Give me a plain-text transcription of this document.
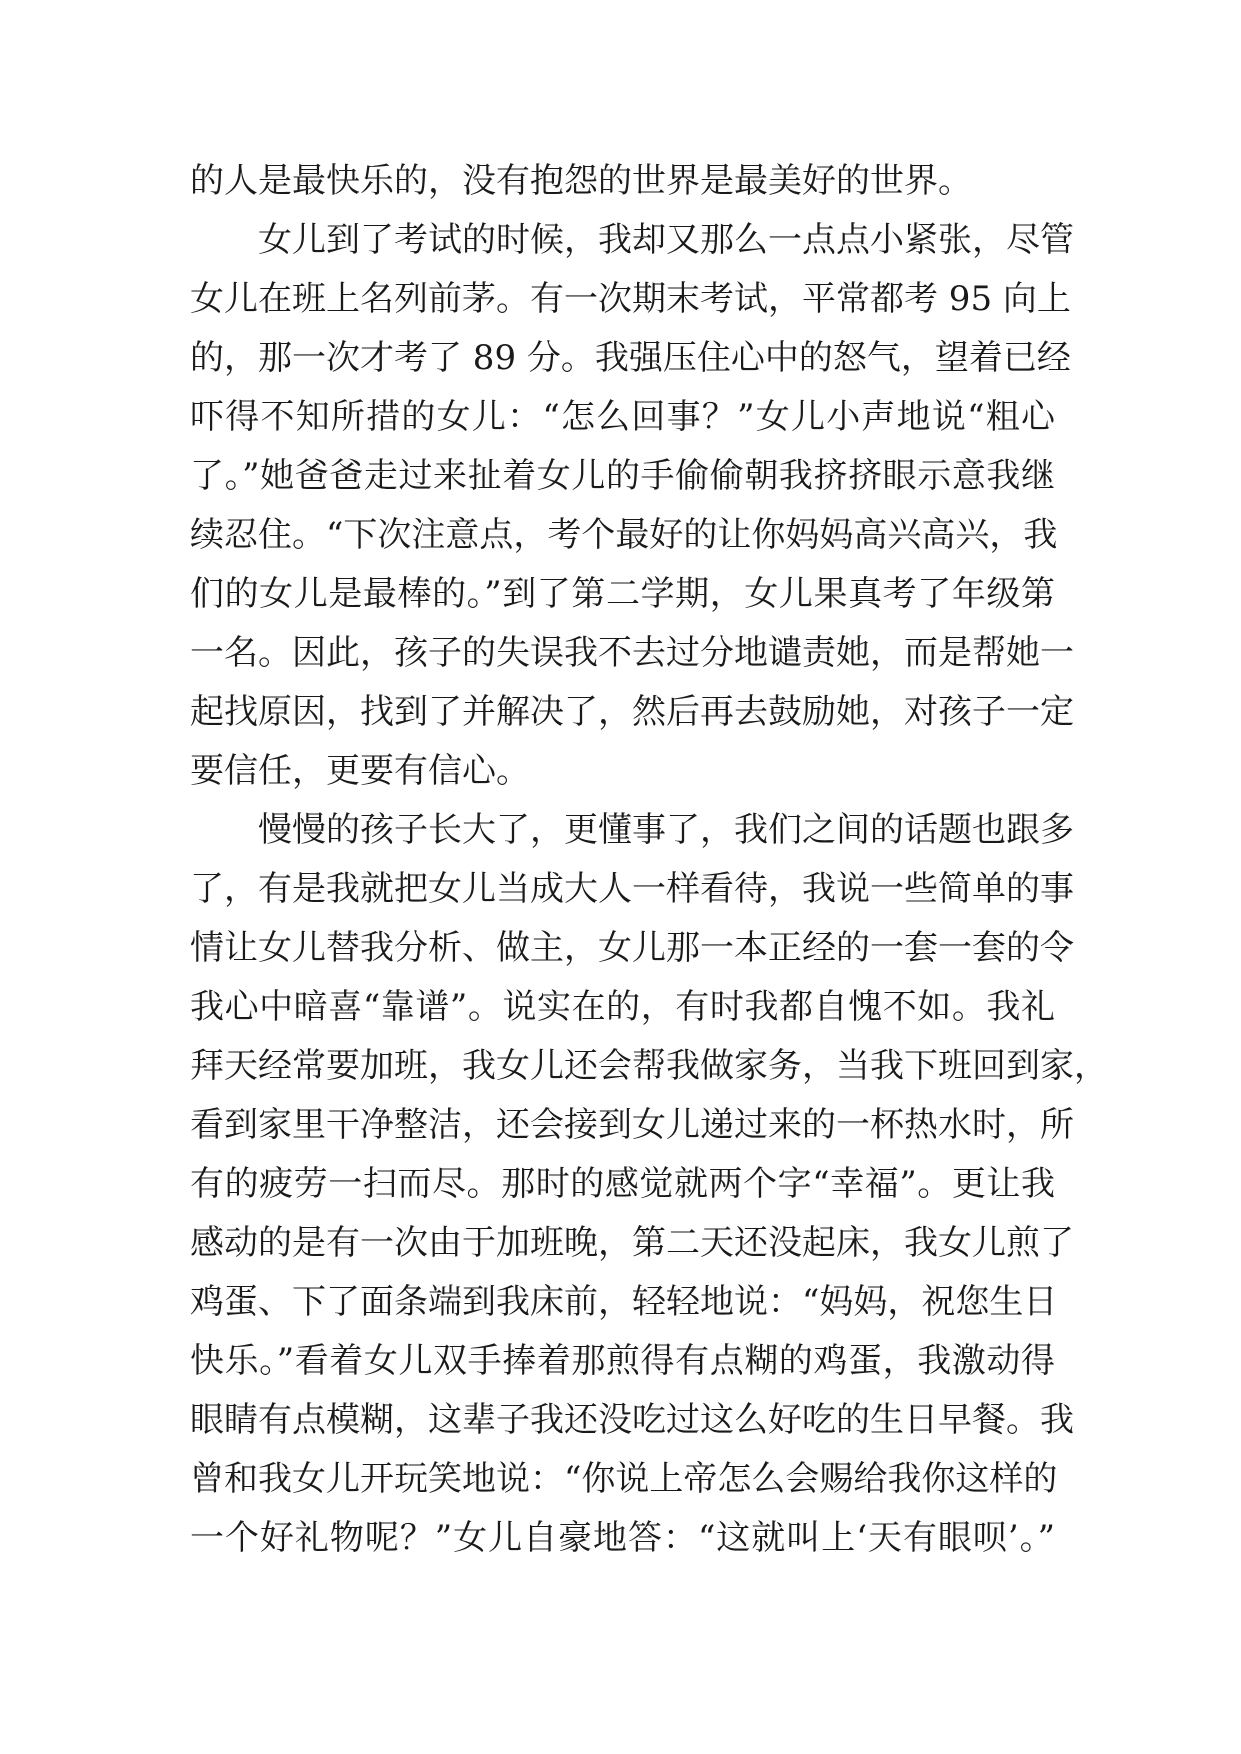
的人是最快乐的，没有抱怨的世界是最美好的世界。
女儿到了考试的时候，我却又那么一点点小紧张，尽管
女儿在班上名列前茅。有一次期末考试，平常都考 95 向上
的，那一次才考了 89 分。我强压住心中的怒气，望着已经
吓得不知所措的女儿：“怎么回事？”女儿小声地说“粗心
了。”她爸爸走过来扯着女儿的手偷偷朝我挤挤眼示意我继
续忍住。“下次注意点，考个最好的让你妈妈高兴高兴，我
们的女儿是最棒的。”到了第二学期，女儿果真考了年级第
一名。因此，孩子的失误我不去过分地谴责她，而是帮她一
起找原因，找到了并解决了，然后再去鼓励她，对孩子一定
要信任，更要有信心。
慢慢的孩子长大了，更懂事了，我们之间的话题也跟多
了，有是我就把女儿当成大人一样看待，我说一些简单的事
情让女儿替我分析、做主，女儿那一本正经的一套一套的令
我心中暗喜“靠谱”。说实在的，有时我都自愧不如。我礼
拜天经常要加班，我女儿还会帮我做家务，当我下班回到家，
看到家里干净整洁，还会接到女儿递过来的一杯热水时，所
有的疲劳一扫而尽。那时的感觉就两个字“幸福”。更让我
感动的是有一次由于加班晚，第二天还没起床，我女儿煎了
鸡蛋、下了面条端到我床前，轻轻地说：“妈妈，祝您生日
快乐。”看着女儿双手捧着那煎得有点糊的鸡蛋，我激动得
眼睛有点模糊，这辈子我还没吃过这么好吃的生日早餐。我
曾和我女儿开玩笑地说：“你说上帝怎么会赐给我你这样的
一个好礼物呢？”女儿自豪地答：“这就叫上‘天有眼呗’。”
